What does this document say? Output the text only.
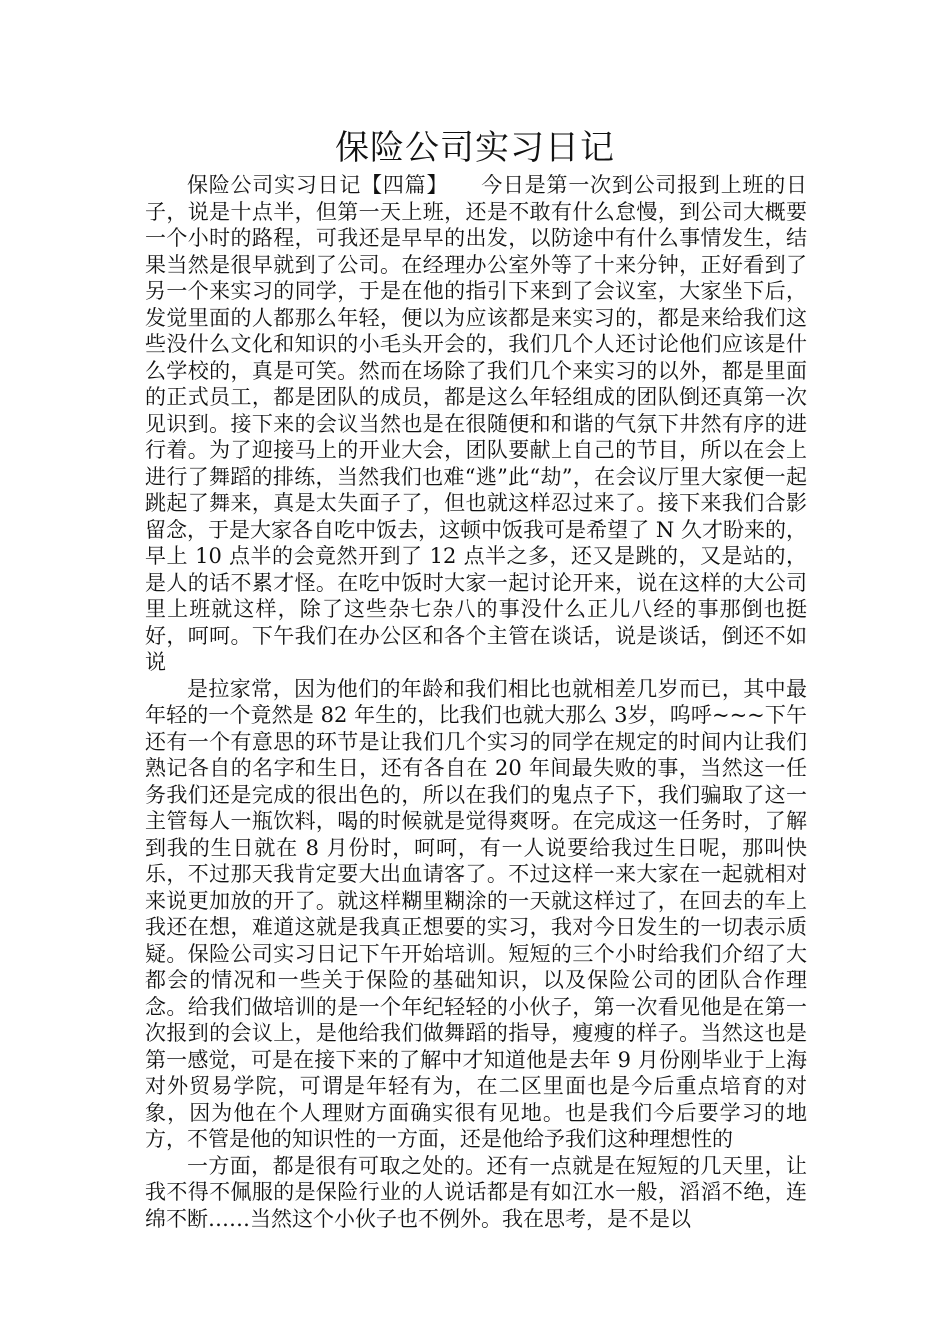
保险公司实习日记

保险公司实习日记【四篇】　　今日是第一次到公司报到上班的日子，说是十点半，但第一天上班，还是不敢有什么怠慢，到公司大概要一个小时的路程，可我还是早早的出发，以防途中有什么事情发生，结果当然是很早就到了公司。在经理办公室外等了十来分钟，正好看到了另一个来实习的同学，于是在他的指引下来到了会议室，大家坐下后，发觉里面的人都那么年轻，便以为应该都是来实习的，都是来给我们这些没什么文化和知识的小毛头开会的，我们几个人还讨论他们应该是什么学校的，真是可笑。然而在场除了我们几个来实习的以外，都是里面的正式员工，都是团队的成员，都是这么年轻组成的团队倒还真第一次见识到。接下来的会议当然也是在很随便和和谐的气氛下井然有序的进行着。为了迎接马上的开业大会，团队要献上自己的节目，所以在会上进行了舞蹈的排练，当然我们也难“逃”此“劫”，在会议厅里大家便一起跳起了舞来，真是太失面子了，但也就这样忍过来了。接下来我们合影留念，于是大家各自吃中饭去，这顿中饭我可是希望了 N 久才盼来的，早上 10 点半的会竟然开到了 12 点半之多，还又是跳的，又是站的，是人的话不累才怪。在吃中饭时大家一起讨论开来，说在这样的大公司里上班就这样，除了这些杂七杂八的事没什么正儿八经的事那倒也挺好，呵呵。下午我们在办公区和各个主管在谈话，说是谈话，倒还不如说

是拉家常，因为他们的年龄和我们相比也就相差几岁而已，其中最年轻的一个竟然是 82 年生的，比我们也就大那么 3岁，呜呼~~~下午还有一个有意思的环节是让我们几个实习的同学在规定的时间内让我们熟记各自的名字和生日，还有各自在 20 年间最失败的事，当然这一任务我们还是完成的很出色的，所以在我们的鬼点子下，我们骗取了这一主管每人一瓶饮料，喝的时候就是觉得爽呀。在完成这一任务时，了解到我的生日就在 8 月份时，呵呵，有一人说要给我过生日呢，那叫快乐，不过那天我肯定要大出血请客了。不过这样一来大家在一起就相对来说更加放的开了。就这样糊里糊涂的一天就这样过了，在回去的车上我还在想，难道这就是我真正想要的实习，我对今日发生的一切表示质疑。保险公司实习日记下午开始培训。短短的三个小时给我们介绍了大都会的情况和一些关于保险的基础知识，以及保险公司的团队合作理念。给我们做培训的是一个年纪轻轻的小伙子，第一次看见他是在第一次报到的会议上，是他给我们做舞蹈的指导，瘦瘦的样子。当然这也是第一感觉，可是在接下来的了解中才知道他是去年 9 月份刚毕业于上海对外贸易学院，可谓是年轻有为，在二区里面也是今后重点培育的对象，因为他在个人理财方面确实很有见地。也是我们今后要学习的地方，不管是他的知识性的一方面，还是他给予我们这种理想性的

一方面，都是很有可取之处的。还有一点就是在短短的几天里，让我不得不佩服的是保险行业的人说话都是有如江水一般，滔滔不绝，连绵不断……当然这个小伙子也不例外。我在思考，是不是以
